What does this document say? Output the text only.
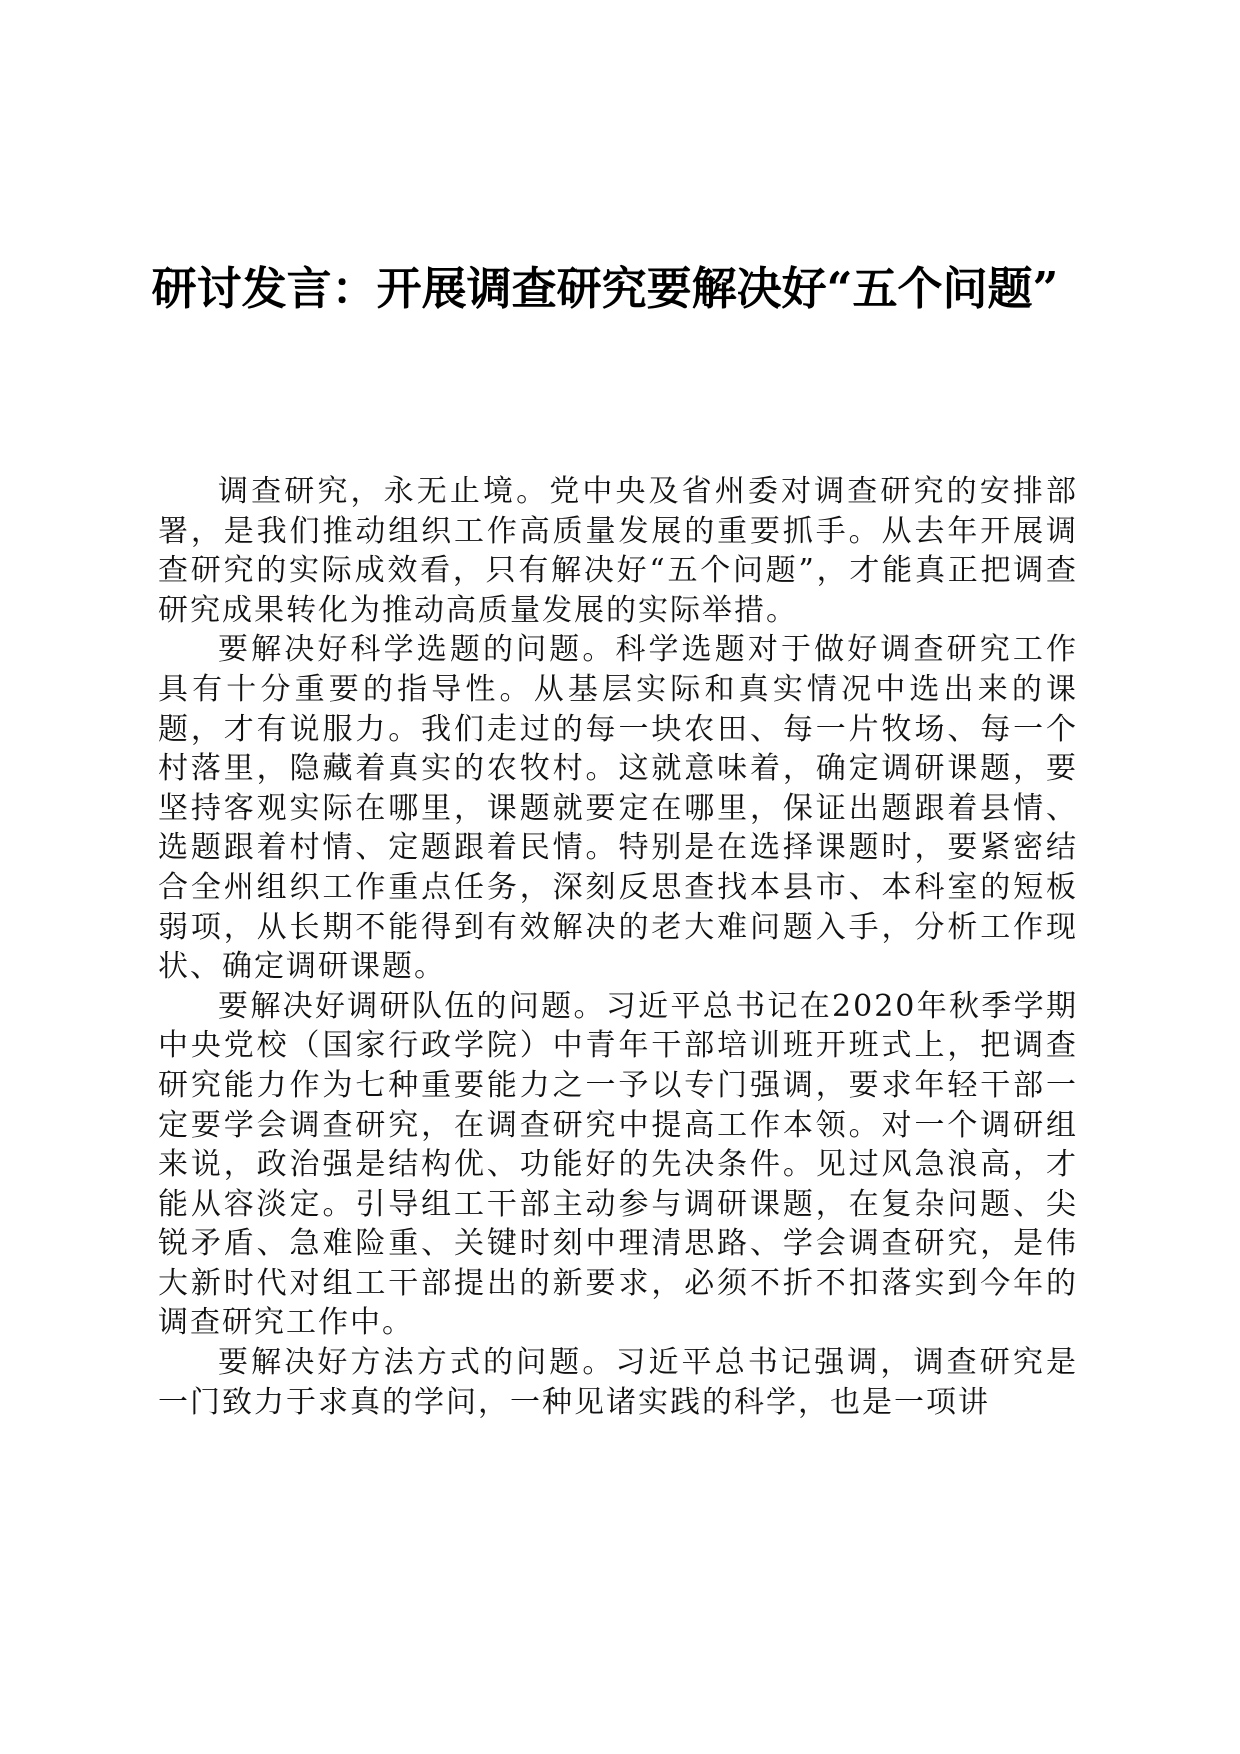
研讨发言：开展调查研究要解决好“五个问题”

调查研究，永无止境。党中央及省州委对调查研究的安排部署，是我们推动组织工作高质量发展的重要抓手。从去年开展调查研究的实际成效看，只有解决好“五个问题”，才能真正把调查研究成果转化为推动高质量发展的实际举措。

要解决好科学选题的问题。科学选题对于做好调查研究工作具有十分重要的指导性。从基层实际和真实情况中选出来的课题，才有说服力。我们走过的每一块农田、每一片牧场、每一个村落里，隐藏着真实的农牧村。这就意味着，确定调研课题，要坚持客观实际在哪里，课题就要定在哪里，保证出题跟着县情、选题跟着村情、定题跟着民情。特别是在选择课题时，要紧密结合全州组织工作重点任务，深刻反思查找本县市、本科室的短板弱项，从长期不能得到有效解决的老大难问题入手，分析工作现状、确定调研课题。

要解决好调研队伍的问题。习近平总书记在2020年秋季学期中央党校（国家行政学院）中青年干部培训班开班式上，把调查研究能力作为七种重要能力之一予以专门强调，要求年轻干部一定要学会调查研究，在调查研究中提高工作本领。对一个调研组来说，政治强是结构优、功能好的先决条件。见过风急浪高，才能从容淡定。引导组工干部主动参与调研课题，在复杂问题、尖锐矛盾、急难险重、关键时刻中理清思路、学会调查研究，是伟大新时代对组工干部提出的新要求，必须不折不扣落实到今年的调查研究工作中。

要解决好方法方式的问题。习近平总书记强调，调查研究是一门致力于求真的学问，一种见诸实践的科学，也是一项讲
